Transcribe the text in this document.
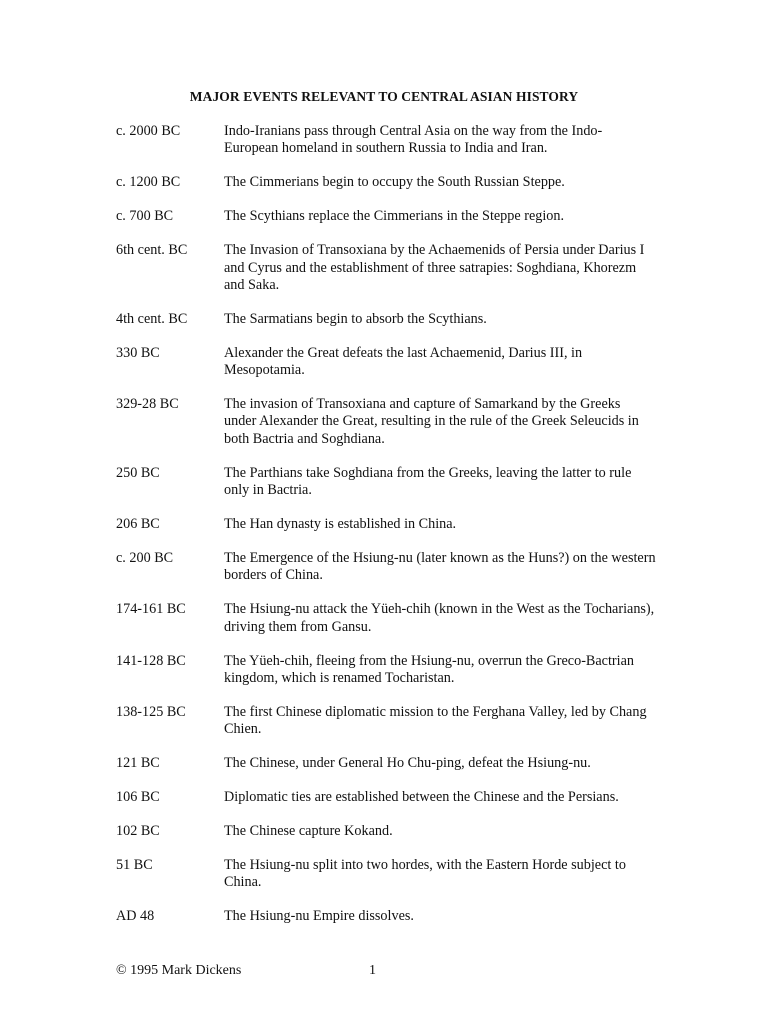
MAJOR EVENTS RELEVANT TO CENTRAL ASIAN HISTORY
c. 2000 BC	Indo-Iranians pass through Central Asia on the way from the Indo-European homeland in southern Russia to India and Iran.
c. 1200 BC	The Cimmerians begin to occupy the South Russian Steppe.
c. 700 BC	The Scythians replace the Cimmerians in the Steppe region.
6th cent. BC	The Invasion of Transoxiana by the Achaemenids of Persia under Darius I and Cyrus and the establishment of three satrapies: Soghdiana, Khorezm and Saka.
4th cent. BC	The Sarmatians begin to absorb the Scythians.
330 BC	Alexander the Great defeats the last Achaemenid, Darius III, in Mesopotamia.
329-28 BC	The invasion of Transoxiana and capture of Samarkand by the Greeks under Alexander the Great, resulting in the rule of the Greek Seleucids in both Bactria and Soghdiana.
250 BC	The Parthians take Soghdiana from the Greeks, leaving the latter to rule only in Bactria.
206 BC	The Han dynasty is established in China.
c. 200 BC	The Emergence of the Hsiung-nu (later known as the Huns?) on the western borders of China.
174-161 BC	The Hsiung-nu attack the Yüeh-chih (known in the West as the Tocharians), driving them from Gansu.
141-128 BC	The Yüeh-chih, fleeing from the Hsiung-nu, overrun the Greco-Bactrian kingdom, which is renamed Tocharistan.
138-125 BC	The first Chinese diplomatic mission to the Ferghana Valley, led by Chang Chien.
121 BC	The Chinese, under General Ho Chu-ping, defeat the Hsiung-nu.
106 BC	Diplomatic ties are established between the Chinese and the Persians.
102 BC	The Chinese capture Kokand.
51 BC	The Hsiung-nu split into two hordes, with the Eastern Horde subject to China.
AD 48	The Hsiung-nu Empire dissolves.
© 1995 Mark Dickens	1
